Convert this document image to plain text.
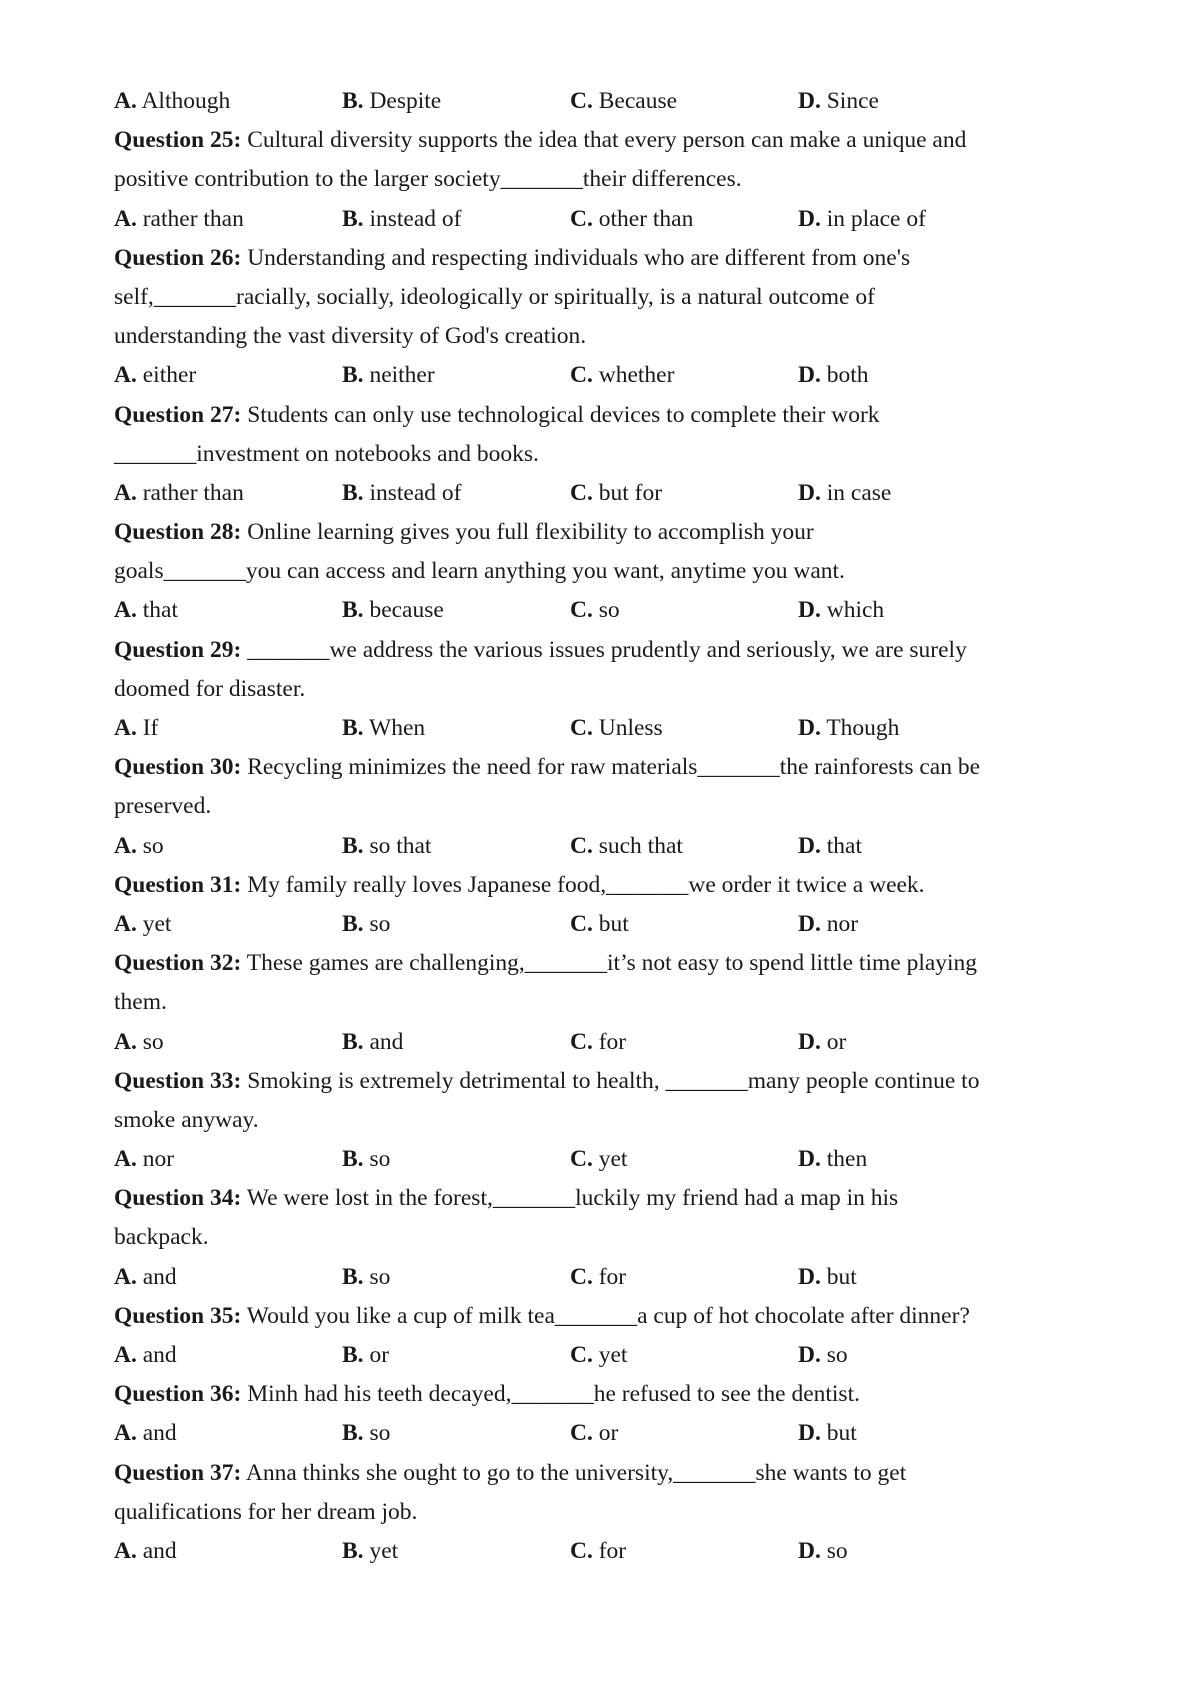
A. Although	B. Despite	C. Because	D. Since
Question 25: Cultural diversity supports the idea that every person can make a unique and
positive contribution to the larger society_______their differences.
A. rather than	B. instead of	C. other than	D. in place of
Question 26: Understanding and respecting individuals who are different from one's
self,_______racially, socially, ideologically or spiritually, is a natural outcome of
understanding the vast diversity of God's creation.
A. either	B. neither	C. whether	D. both
Question 27: Students can only use technological devices to complete their work
_______investment on notebooks and books.
A. rather than	B. instead of	C. but for	D. in case
Question 28: Online learning gives you full flexibility to accomplish your
goals_______you can access and learn anything you want, anytime you want.
A. that	B. because	C. so	D. which
Question 29: _______we address the various issues prudently and seriously, we are surely
doomed for disaster.
A. If	B. When	C. Unless	D. Though
Question 30: Recycling minimizes the need for raw materials_______the rainforests can be
preserved.
A. so	B. so that	C. such that	D. that
Question 31: My family really loves Japanese food,_______we order it twice a week.
A. yet	B. so	C. but	D. nor
Question 32: These games are challenging,_______it’s not easy to spend little time playing
them.
A. so	B. and	C. for	D. or
Question 33: Smoking is extremely detrimental to health, _______many people continue to
smoke anyway.
A. nor	B. so	C. yet	D. then
Question 34: We were lost in the forest,_______luckily my friend had a map in his
backpack.
A. and	B. so	C. for	D. but
Question 35: Would you like a cup of milk tea_______a cup of hot chocolate after dinner?
A. and	B. or	C. yet	D. so
Question 36: Minh had his teeth decayed,_______he refused to see the dentist.
A. and	B. so	C. or	D. but
Question 37: Anna thinks she ought to go to the university,_______she wants to get
qualifications for her dream job.
A. and	B. yet	C. for	D. so
